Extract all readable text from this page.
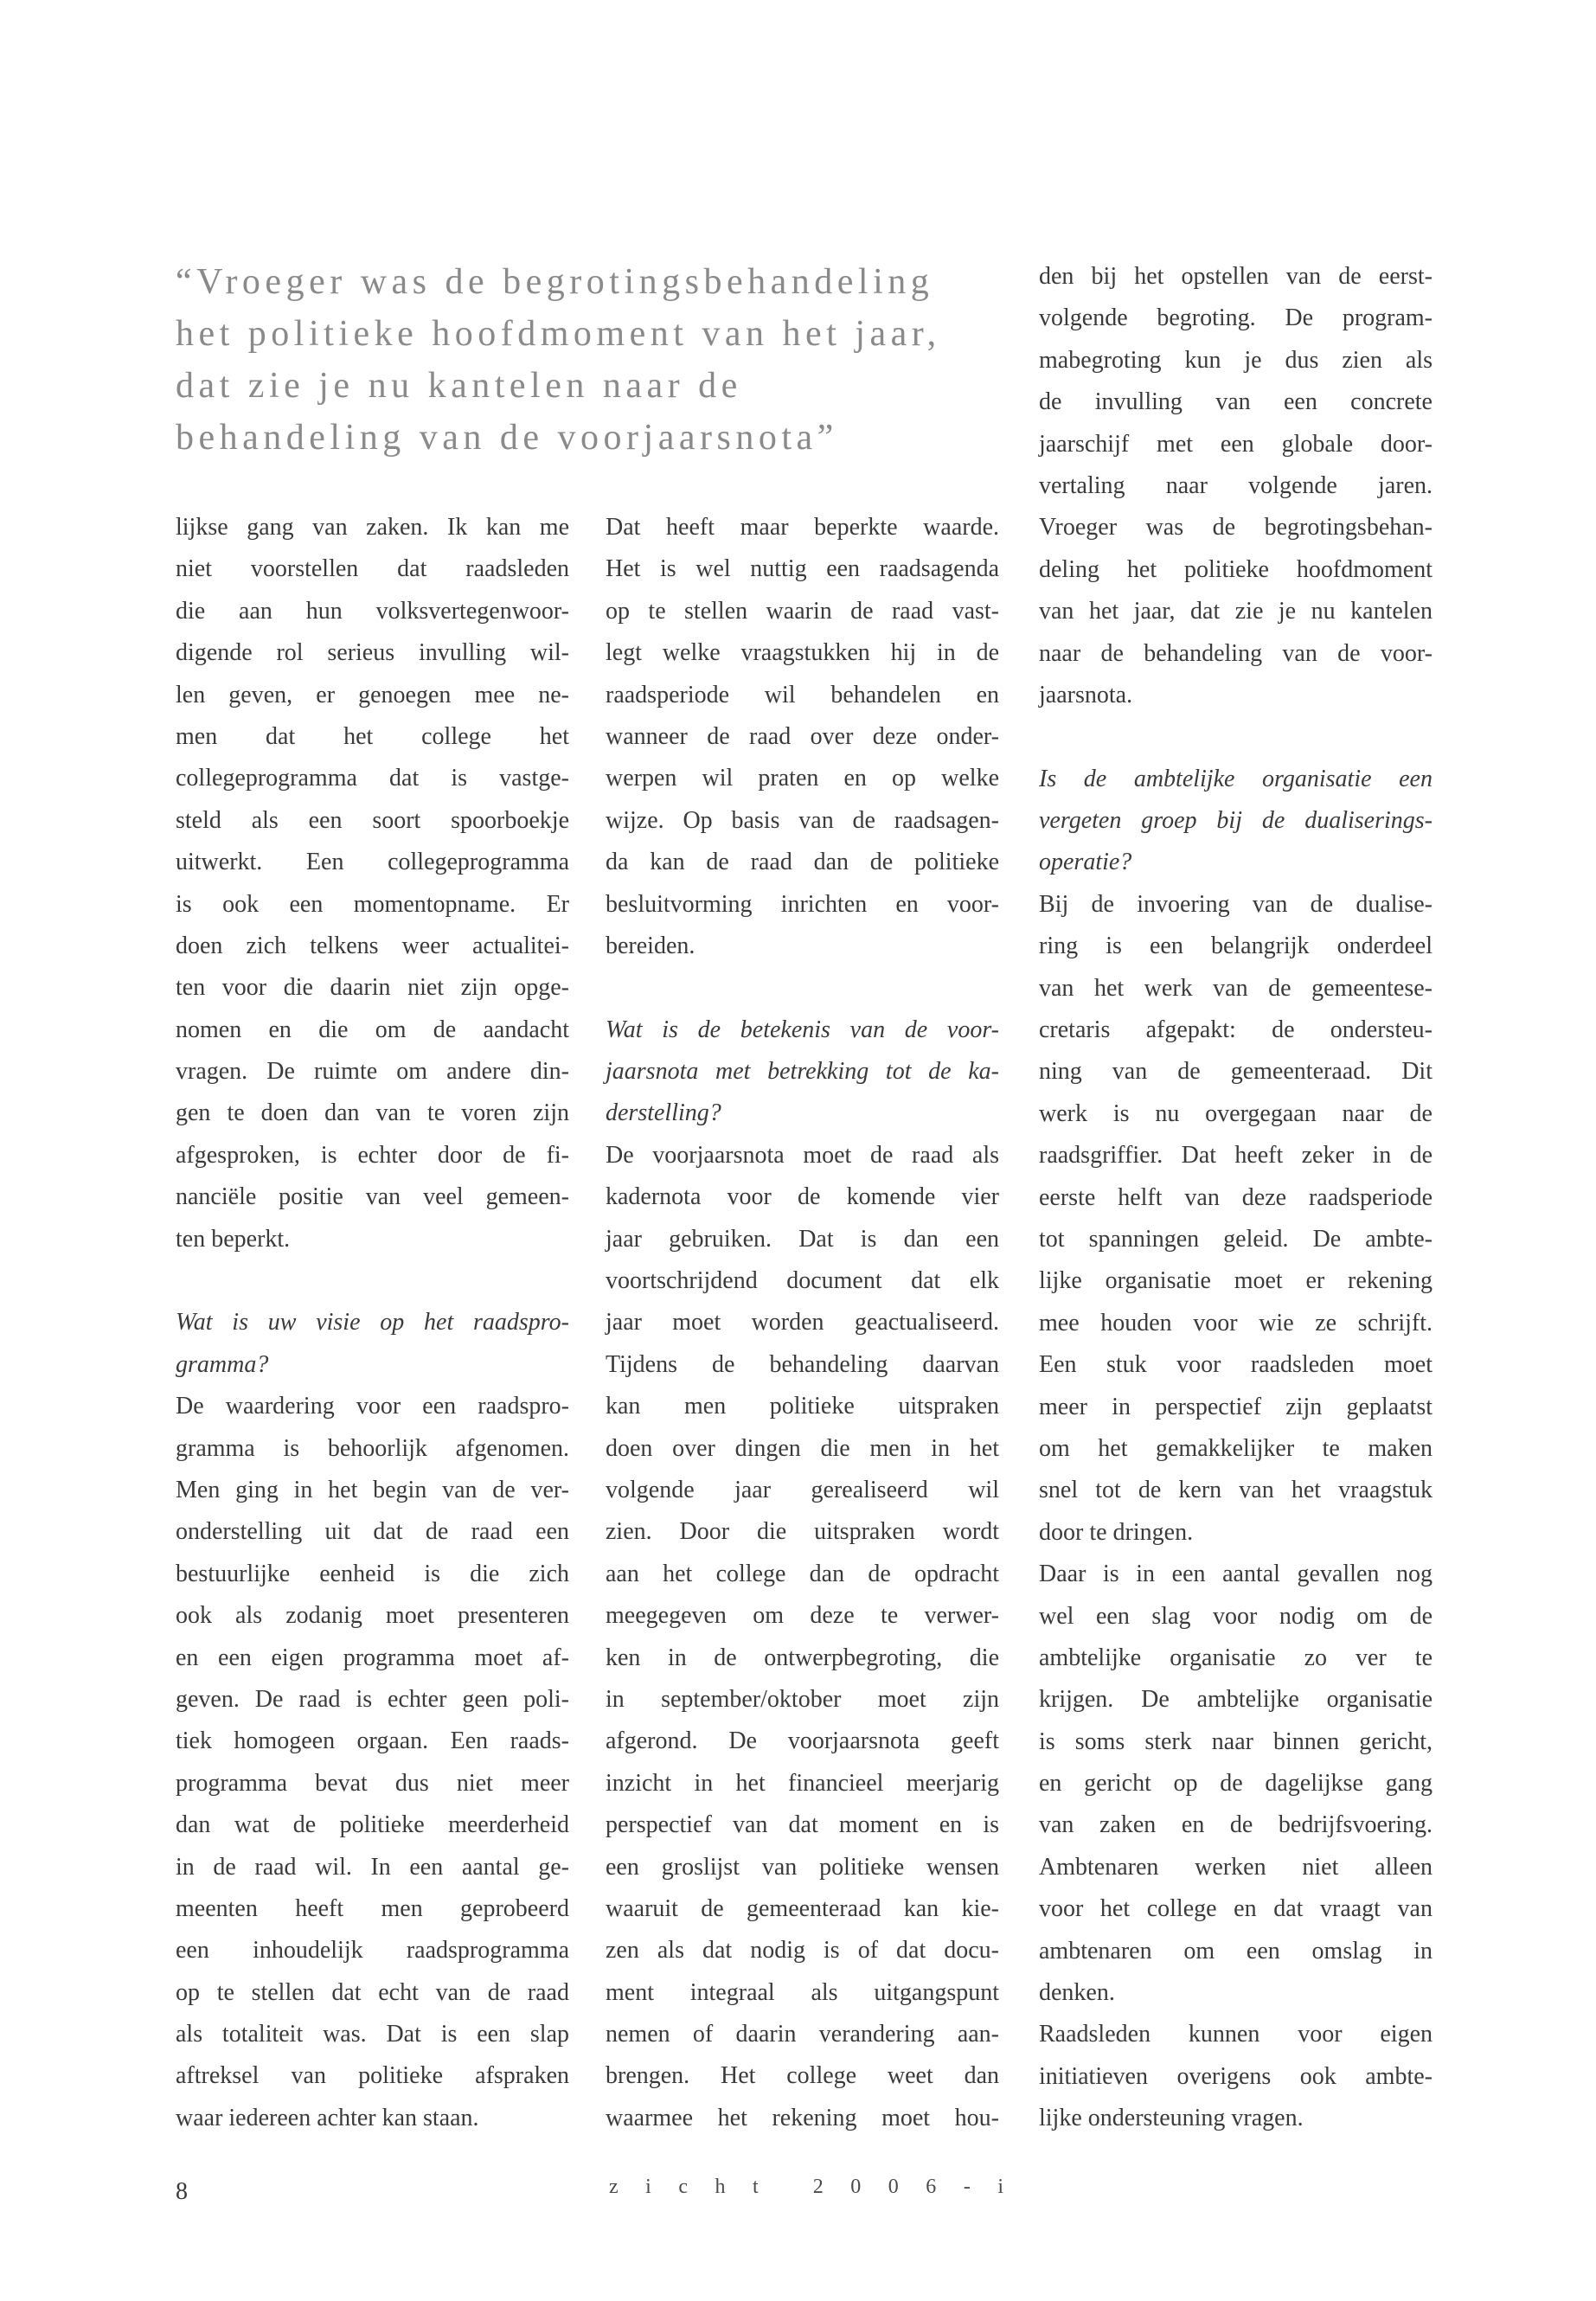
“Vroeger was de begrotingsbehandeling
het politieke hoofdmoment van het jaar,
dat zie je nu kantelen naar de
behandeling van de voorjaarsnota”
lijkse gang van zaken. Ik kan me
niet voorstellen dat raadsleden
die aan hun volksvertegenwoor-
digende rol serieus invulling wil-
len geven, er genoegen mee ne-
men dat het college het
collegeprogramma dat is vastge-
steld als een soort spoorboekje
uitwerkt. Een collegeprogramma
is ook een momentopname. Er
doen zich telkens weer actualitei-
ten voor die daarin niet zijn opge-
nomen en die om de aandacht
vragen. De ruimte om andere din-
gen te doen dan van te voren zijn
afgesproken, is echter door de fi-
nanciële positie van veel gemeen-
ten beperkt.
Wat is uw visie op het raadspro-
gramma?
De waardering voor een raadspro-
gramma is behoorlijk afgenomen.
Men ging in het begin van de ver-
onderstelling uit dat de raad een
bestuurlijke eenheid is die zich
ook als zodanig moet presenteren
en een eigen programma moet af-
geven. De raad is echter geen poli-
tiek homogeen orgaan. Een raads-
programma bevat dus niet meer
dan wat de politieke meerderheid
in de raad wil. In een aantal ge-
meenten heeft men geprobeerd
een inhoudelijk raadsprogramma
op te stellen dat echt van de raad
als totaliteit was. Dat is een slap
aftreksel van politieke afspraken
waar iedereen achter kan staan.
Dat heeft maar beperkte waarde.
Het is wel nuttig een raadsagenda
op te stellen waarin de raad vast-
legt welke vraagstukken hij in de
raadsperiode wil behandelen en
wanneer de raad over deze onder-
werpen wil praten en op welke
wijze. Op basis van de raadsagen-
da kan de raad dan de politieke
besluitvorming inrichten en voor-
bereiden.
Wat is de betekenis van de voor-
jaarsnota met betrekking tot de ka-
derstelling?
De voorjaarsnota moet de raad als
kadernota voor de komende vier
jaar gebruiken. Dat is dan een
voortschrijdend document dat elk
jaar moet worden geactualiseerd.
Tijdens de behandeling daarvan
kan men politieke uitspraken
doen over dingen die men in het
volgende jaar gerealiseerd wil
zien. Door die uitspraken wordt
aan het college dan de opdracht
meegegeven om deze te verwer-
ken in de ontwerpbegroting, die
in september/oktober moet zijn
afgerond. De voorjaarsnota geeft
inzicht in het financieel meerjarig
perspectief van dat moment en is
een groslijst van politieke wensen
waaruit de gemeenteraad kan kie-
zen als dat nodig is of dat docu-
ment integraal als uitgangspunt
nemen of daarin verandering aan-
brengen. Het college weet dan
waarmee het rekening moet hou-
den bij het opstellen van de eerst-
volgende begroting. De program-
mabegroting kun je dus zien als
de invulling van een concrete
jaarschijf met een globale door-
vertaling naar volgende jaren.
Vroeger was de begrotingsbehan-
deling het politieke hoofdmoment
van het jaar, dat zie je nu kantelen
naar de behandeling van de voor-
jaarsnota.
Is de ambtelijke organisatie een
vergeten groep bij de dualiserings-
operatie?
Bij de invoering van de dualise-
ring is een belangrijk onderdeel
van het werk van de gemeentese-
cretaris afgepakt: de ondersteu-
ning van de gemeenteraad. Dit
werk is nu overgegaan naar de
raadsgriffier. Dat heeft zeker in de
eerste helft van deze raadsperiode
tot spanningen geleid. De ambte-
lijke organisatie moet er rekening
mee houden voor wie ze schrijft.
Een stuk voor raadsleden moet
meer in perspectief zijn geplaatst
om het gemakkelijker te maken
snel tot de kern van het vraagstuk
door te dringen.
Daar is in een aantal gevallen nog
wel een slag voor nodig om de
ambtelijke organisatie zo ver te
krijgen. De ambtelijke organisatie
is soms sterk naar binnen gericht,
en gericht op de dagelijkse gang
van zaken en de bedrijfsvoering.
Ambtenaren werken niet alleen
voor het college en dat vraagt van
ambtenaren om een omslag in
denken.
Raadsleden kunnen voor eigen
initiatieven overigens ook ambte-
lijke ondersteuning vragen.
8	z i c h t	2 0 0 6 - i
